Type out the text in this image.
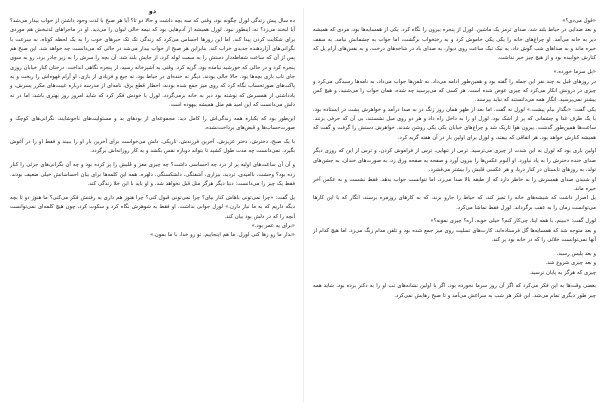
دو

ده سال پیش زندگی لورل چگونه بود، وقتی که سه بچه داشت و حالا دو تا؟ آیا هر صبح با لذت وجود داشتن از خواب بیدار می‌شد؟ آیا لبخند می‌زد؟ نه، اینطور نبود. لورل همیشه از آدم‌هایی بود که نیمه خالی لیوان را می‌دید. او در ماجراهای لذتبخش هم موردی برای شکایت کردن پیدا کند. اما این روزها احساس می‌کرد که زندگی تک تک خبرهای خوب را به یک لحظه کوتاه، به سرعت با نگرانی‌های آزاردهنده جدیدی خراب کند. بنابراین هر صبح از خواب بیدار می‌شد در حالی که می‌دانست چه خواهد شد. این صبح هم پس از آن که ساعت شماطه‌دار دستش را به سمت لوله کرد، از جایش بلند شد. آن بچه را سرش را به زیر چادر برد، رو به سوی پنجره کرد و در حالی که خورشید نیامده بود، گریه کرد. وقتی به آشپزخانه رسید، از پنجره نگاهی انداخت. درختان کنار خیابان روزی جای تاب بازی بچه‌ها بود. حالا خالی بودند. دیگر نه خنده‌ای در حیاط بود، نه جیغ و فریادی از بازی. او آرام قهوه‌اش را ریخت و به پاکت‌های صورتحساب نگاه کرد که روی میز جمع شده بودند، اخطار قطع برق، نامه‌ای از مدرسه درباره غیبت‌های مکرر پسرش، و یادداشتی از همسرش که نوشته بود دیر به خانه برمی‌گردد. لورل با خودش فکر کرد که شاید امروز روز بهتری باشد، اما در ته دلش می‌دانست که این امید هم مثل همیشه بیهوده است.

این‌طور بود که یکباره همه زندگی‌اش را کامل دید: مجموعه‌ای از بودهای بد و مسئولیت‌های ناخوشایند، نگرانی‌های کوچک و صورت‌حساب‌ها و قبض‌های پرداخت‌نشده.

با یک صبح، دخترش، دختر عزیزش، آخرین فرزندش، تاریکی. دلش می‌خواست برای آخرین بار او را ببیند و فقط او را در آغوش بگیرد. نمی‌دانست چه مدت طول کشید تا بتواند دوباره نفس بکشد و به کار روزانه‌اش برگردد.

و آن آن ساعت‌های اولیه پر از درد چه احساسی داشت؟ چه چیزی مغز و قلبش را پر کرده بود و چه آن نگرانی‌های جزئی را کنار زده بود؟ وحشت، ناامیدی، تردید، بیزاری، آشفتگی، دلشکستگی، دلهره، همه این کلمه‌ها برای بیان احساساتش خیلی ضعیف بودند. فقط یک چیز را می‌دانست: دنیا دیگر هرگز مثل قبل نخواهد شد، و او باید با این خلا زندگی کند.

پل گفت: «چرا نمی‌تونی باهاش کنار بیای؟ چرا نمی‌تونی قبول کنی؟ چرا هنوز هم داری به رفتنش فکر می‌کنی؟ ما هنوز دو تا بچه دیگه داریم که به ما نیاز دارن.» لورل جوابی نداشت. او فقط به شوهرش نگاه کرد و سکوت کرد، چون هیچ کلمه‌ای نمی‌توانست آنچه را که در دلش بود بیان کند.

«برای یه عمر بود.»

«نذار ما رو رها کنی لورل. ما هم اینجاییم. تو رو خدا، با ما بمون.»

«قول می‌دی؟»

و بعد صدایی در حیاط بلند شد، صدای ترمز یک ماشین. لورل از پنجره بیرون را نگاه کرد. یکی از همسایه‌ها بود، مردی که همیشه دیر به خانه می‌آمد. او چراغ‌های خانه را یکی یکی خاموش کرد و به رختخواب برگشت، اما خواب به چشمانش نیامد. به سقف خیره ماند و به صداهای شب گوش داد، به تیک تیک ساعت روی دیوار، به صدای باد در شاخه‌های درخت، و به نفس‌های آرام پل که کنارش خوابیده بود و از هیچ چیز خبر نداشت.

«پل سرما خورده.»

در روزهای قبل به چند نفر این جمله را گفته بود و همین‌طور ادامه می‌داد. به تلفن‌ها جواب می‌داد، به نامه‌ها رسیدگی می‌کرد و چیزی در درونش انکار می‌کرد که چیزی عوض شده است. هر کسی که می‌پرسید چه شده، همان جواب را می‌شنید، و هیچ کس بیشتر نمی‌پرسید. انگار همه می‌دانستند که نباید بپرسند.

یکی گفت: «بگذار بیام پیشت.» لورل نه گفت. اما بعد از ظهر همان روز زنگ در به صدا درآمد و خواهرش پشت در ایستاده بود، با یک ظرف غذا و چشمانی که پر از اشک بود. لورل او را به داخل راه داد و هر دو روی مبل نشستند، بی آن که حرفی بزنند. ساعت‌ها همین‌طور گذشت. بیرون هوا تاریک شد و چراغ‌های خیابان یکی یکی روشن شدند. خواهرش دستش را گرفت و گفت که همیشه کنارش خواهد بود، هر اتفاقی که بیفتد، و لورل برای اولین بار در آن هفته گریه کرد.

اولین باری بود که لورل به این شدت از چیزی می‌ترسید. ترس از تنهایی، ترس از فراموش کردن، و ترس از این که روزی دیگر صدای خنده دخترش را به یاد نیاورد. او آلبوم عکس‌ها را بیرون آورد و صفحه به صفحه ورق زد، به صورت‌های خندان، به جشن‌های تولد، به روزهای تابستان در کنار دریا، و هر عکسی قلبش را بیشتر می‌فشرد.

او شنیدن صدای همسرش را به خاطر دارد که از طبقه بالا صدا می‌زد، اما نتوانست جواب بدهد. فقط نشست و به عکس آخر خیره ماند.

پل اصرار داشت که شیشه‌های خانه را تمیز کند، که حیاط را جارو بزند، که به کارهای روزمره برسند، انگار که با این کارها می‌توانست زمان را به عقب برگرداند. لورل فقط تماشا می‌کرد.

لورل گفت: «ببینم، با همه اینا، چی‌کار کنم؟ خیلی خوبه، آره؟ چیزی نمونه؟»

و بعد متوجه شد که همسایه‌ها گل فرستاده‌اند، کارت‌های تسلیت روی میز جمع شده بود و تلفن مدام زنگ می‌زد. اما هیچ کدام از آنها نمی‌توانست خلائی را که در خانه بود پر کند.

و بعد پلیس رسید.

و بعد چیزی شروع شد.

چیزی که هرگز به پایان نرسید.

بعضی وقت‌ها به این فکر می‌کرد که اگر آن روز سرما نخورده بود، اگر با اولین نشانه‌های تب او را به دکتر برده بود، شاید همه چیز طور دیگری تمام می‌شد. این فکر هر شب به سراغش می‌آمد و تا صبح رهایش نمی‌کرد.
